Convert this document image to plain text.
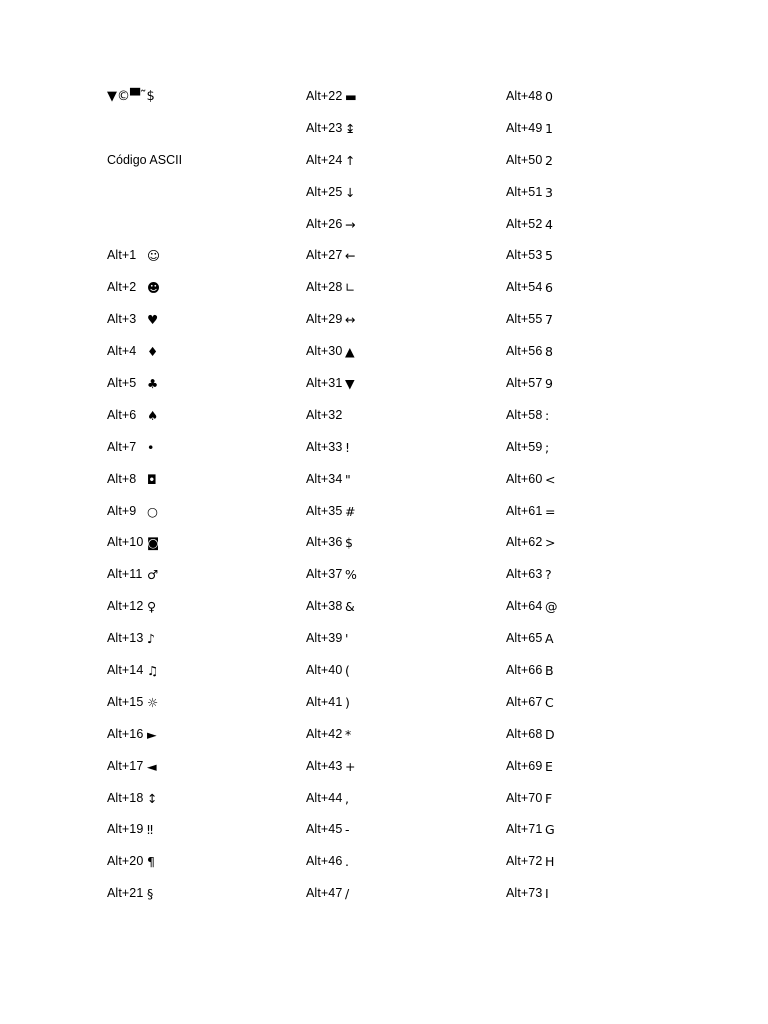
▼©▀˜$
Código ASCII
Alt+1 ☺
Alt+2 ☻
Alt+3 ♥
Alt+4 ♦
Alt+5 ♣
Alt+6 ♠
Alt+7 •
Alt+8 ◘
Alt+9 ○
Alt+10 ◙
Alt+11 ♂
Alt+12 ♀
Alt+13 ♪
Alt+14 ♫
Alt+15 ☼
Alt+16 ►
Alt+17 ◄
Alt+18 ↕
Alt+19 ‼
Alt+20 ¶
Alt+21 §
Alt+22 ▬
Alt+23 ↨
Alt+24 ↑
Alt+25 ↓
Alt+26 →
Alt+27 ←
Alt+28 ∟
Alt+29 ↔
Alt+30 ▲
Alt+31 ▼
Alt+32
Alt+33 !
Alt+34 "
Alt+35 #
Alt+36 $
Alt+37 %
Alt+38 &
Alt+39 '
Alt+40 (
Alt+41 )
Alt+42 *
Alt+43 +
Alt+44 ,
Alt+45 -
Alt+46 .
Alt+47 /
Alt+48 0
Alt+49 1
Alt+50 2
Alt+51 3
Alt+52 4
Alt+53 5
Alt+54 6
Alt+55 7
Alt+56 8
Alt+57 9
Alt+58 :
Alt+59 ;
Alt+60 <
Alt+61 =
Alt+62 >
Alt+63 ?
Alt+64 @
Alt+65 A
Alt+66 B
Alt+67 C
Alt+68 D
Alt+69 E
Alt+70 F
Alt+71 G
Alt+72 H
Alt+73 I
